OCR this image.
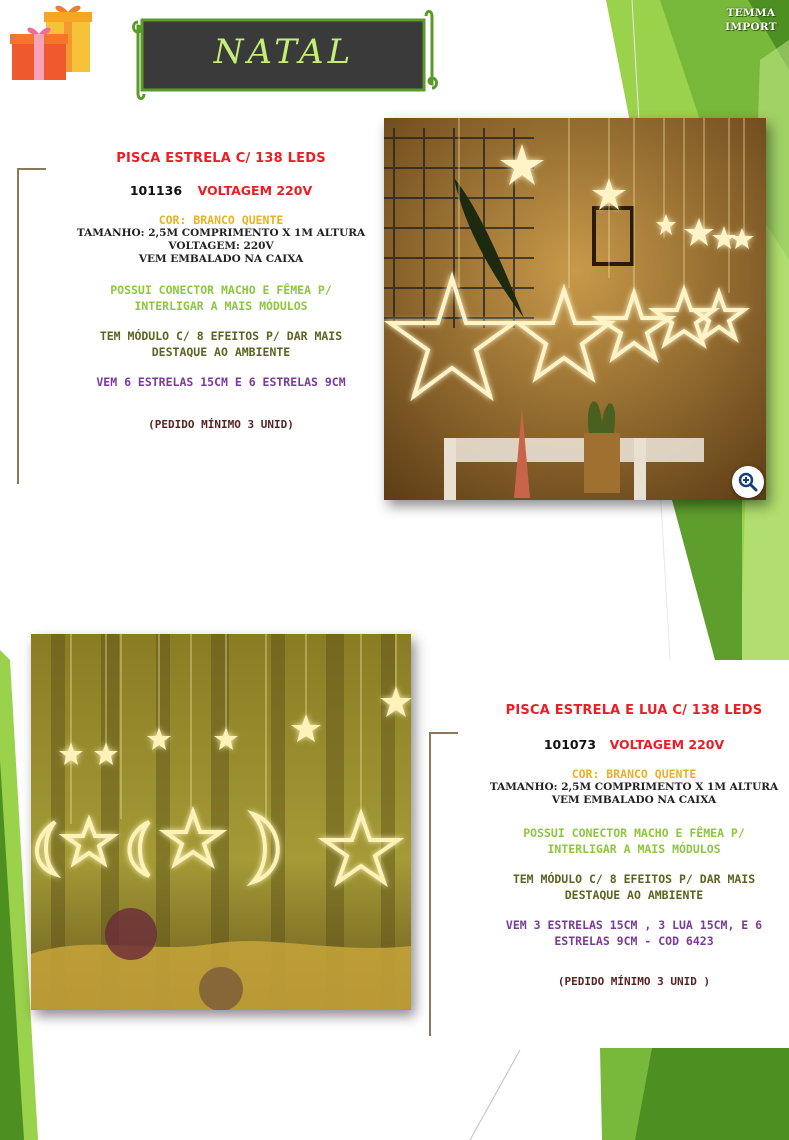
TEMMA
IMPORT
NATAL
PISCA ESTRELA C/ 138 LEDS
101136 VOLTAGEM 220V
COR: BRANCO QUENTE
TAMANHO: 2,5M COMPRIMENTO X 1M ALTURA
VOLTAGEM: 220V
VEM EMBALADO NA CAIXA
POSSUI CONECTOR MACHO E FÊMEA P/
INTERLIGAR A MAIS MÓDULOS
TEM MÓDULO C/ 8 EFEITOS P/ DAR MAIS
DESTAQUE AO AMBIENTE
VEM 6 ESTRELAS 15CM E 6 ESTRELAS 9CM
(PEDIDO MÍNIMO 3 UNID)
PISCA ESTRELA E LUA C/ 138 LEDS
101073 VOLTAGEM 220V
COR: BRANCO QUENTE
TAMANHO: 2,5M COMPRIMENTO X 1M ALTURA
VEM EMBALADO NA CAIXA
POSSUI CONECTOR MACHO E FÊMEA P/
INTERLIGAR A MAIS MÓDULOS
TEM MÓDULO C/ 8 EFEITOS P/ DAR MAIS
DESTAQUE AO AMBIENTE
VEM 3 ESTRELAS 15CM , 3 LUA 15CM, E 6
ESTRELAS 9CM - COD 6423
(PEDIDO MÍNIMO 3 UNID )
